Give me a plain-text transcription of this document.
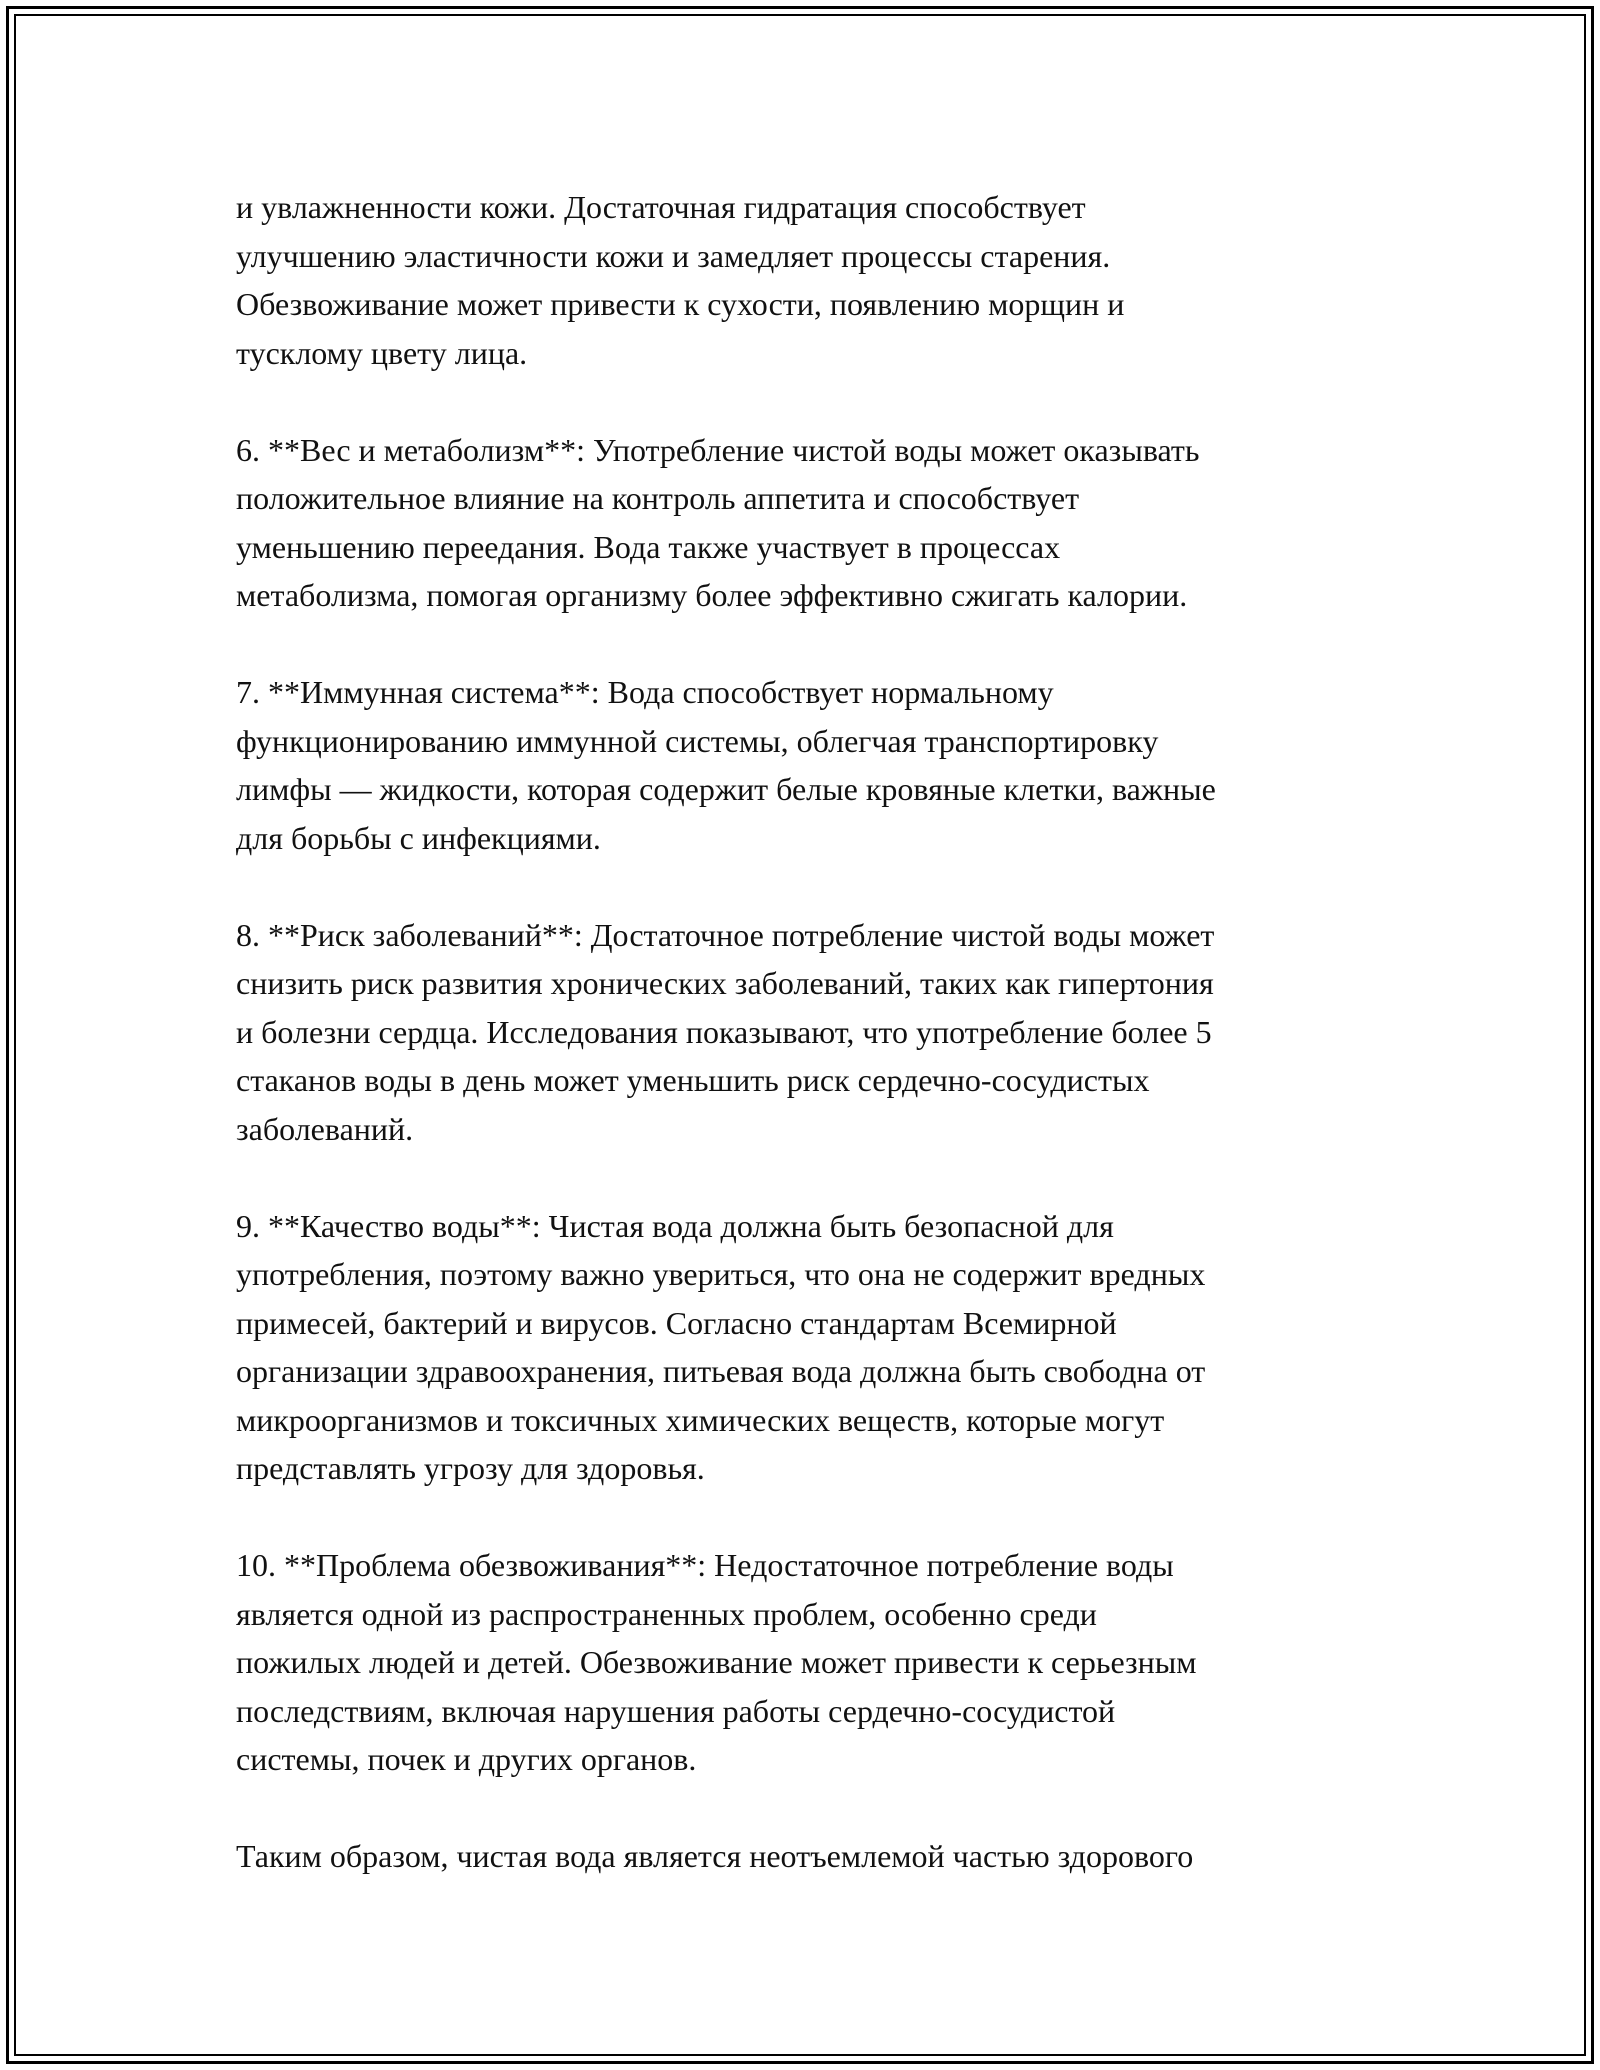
и увлажненности кожи. Достаточная гидратация способствует
улучшению эластичности кожи и замедляет процессы старения.
Обезвоживание может привести к сухости, появлению морщин и
тусклому цвету лица.
6. **Вес и метаболизм**: Употребление чистой воды может оказывать
положительное влияние на контроль аппетита и способствует
уменьшению переедания. Вода также участвует в процессах
метаболизма, помогая организму более эффективно сжигать калории.
7. **Иммунная система**: Вода способствует нормальному
функционированию иммунной системы, облегчая транспортировку
лимфы — жидкости, которая содержит белые кровяные клетки, важные
для борьбы с инфекциями.
8. **Риск заболеваний**: Достаточное потребление чистой воды может
снизить риск развития хронических заболеваний, таких как гипертония
и болезни сердца. Исследования показывают, что употребление более 5
стаканов воды в день может уменьшить риск сердечно-сосудистых
заболеваний.
9. **Качество воды**: Чистая вода должна быть безопасной для
употребления, поэтому важно увериться, что она не содержит вредных
примесей, бактерий и вирусов. Согласно стандартам Всемирной
организации здравоохранения, питьевая вода должна быть свободна от
микроорганизмов и токсичных химических веществ, которые могут
представлять угрозу для здоровья.
10. **Проблема обезвоживания**: Недостаточное потребление воды
является одной из распространенных проблем, особенно среди
пожилых людей и детей. Обезвоживание может привести к серьезным
последствиям, включая нарушения работы сердечно-сосудистой
системы, почек и других органов.
Таким образом, чистая вода является неотъемлемой частью здорового
